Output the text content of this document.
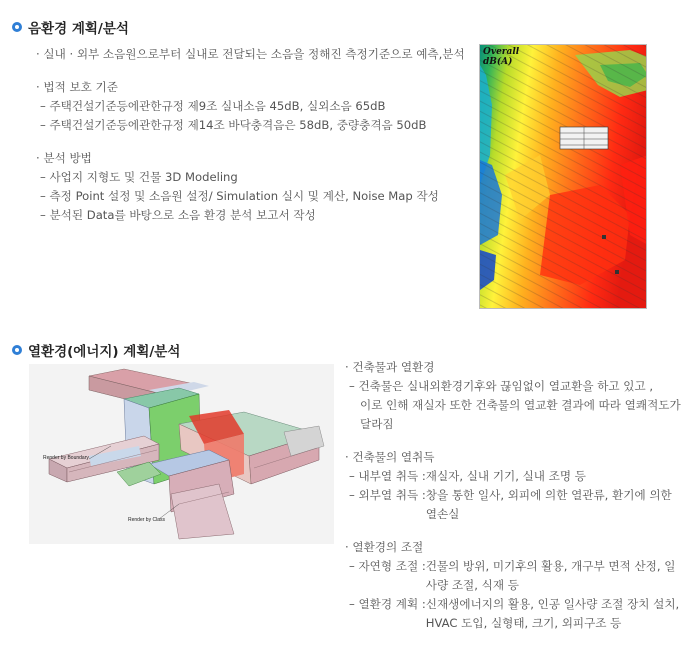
음환경 계획/분석
· 실내 · 외부 소음원으로부터 실내로 전달되는 소음을 정해진 측정기준으로 예측,분석
· 법적 보호 기준
– 주택건설기준등에관한규정 제9조 실내소음 45dB, 실외소음 65dB
– 주택건설기준등에관한규정 제14조 바닥충격음은 58dB, 중량충격음 50dB
· 분석 방법
– 사업지 지형도 및 건물 3D Modeling
– 측정 Point 설정 및 소음원 설정/ Simulation 실시 및 계산, Noise Map 작성
– 분석된 Data를 바탕으로 소음 환경 분석 보고서 작성
Overall
dB(A)
열환경(에너지) 계획/분석
Render by Boundary
Render by Class
· 건축물과 열환경
– 건축물은 실내외환경기후와 끊임없이 열교환을 하고 있고 ,
이로 인해 재실자 또한 건축물의 열교환 결과에 따라 열쾌적도가
달라짐
· 건축물의 열취득
– 내부열 취득 : 재실자, 실내 기기, 실내 조명 등
– 외부열 취득 : 창을 통한 일사, 외피에 의한 열관류, 환기에 의한 열손실
· 열환경의 조절
– 자연형 조절 : 건물의 방위, 미기후의 활용, 개구부 면적 산정, 일사량 조절, 식재 등
– 열환경 계획 : 신재생에너지의 활용, 인공 일사량 조절 장치 설치, HVAC 도입, 실형태, 크기, 외피구조 등
